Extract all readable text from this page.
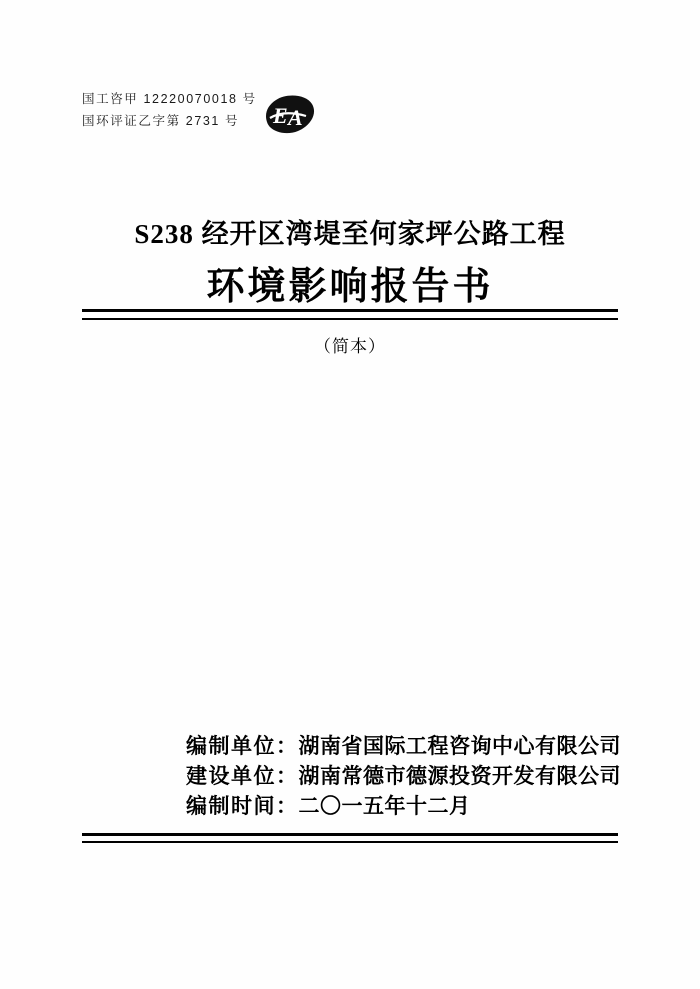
国工咨甲 12220070018 号
国环评证乙字第 2731 号	E A
S238 经开区湾堤至何家坪公路工程
环境影响报告书
（简本）
编制单位：湖南省国际工程咨询中心有限公司
建设单位：湖南常德市德源投资开发有限公司
编制时间：二〇一五年十二月
